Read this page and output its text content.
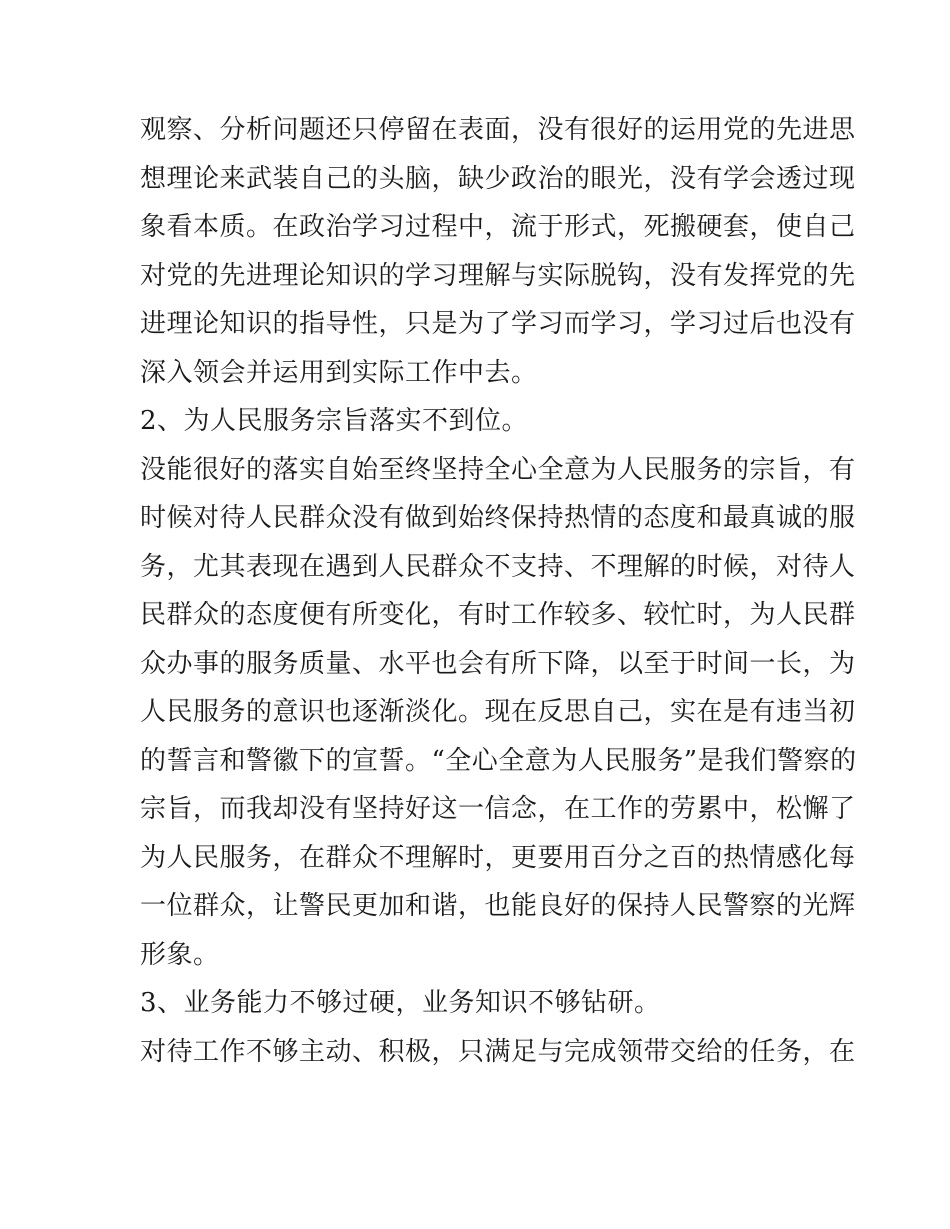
观察、分析问题还只停留在表面，没有很好的运用党的先进思
想理论来武装自己的头脑，缺少政治的眼光，没有学会透过现
象看本质。在政治学习过程中，流于形式，死搬硬套，使自己
对党的先进理论知识的学习理解与实际脱钩，没有发挥党的先
进理论知识的指导性，只是为了学习而学习，学习过后也没有
深入领会并运用到实际工作中去。
2、为人民服务宗旨落实不到位。
没能很好的落实自始至终坚持全心全意为人民服务的宗旨，有
时候对待人民群众没有做到始终保持热情的态度和最真诚的服
务，尤其表现在遇到人民群众不支持、不理解的时候，对待人
民群众的态度便有所变化，有时工作较多、较忙时，为人民群
众办事的服务质量、水平也会有所下降，以至于时间一长，为
人民服务的意识也逐渐淡化。现在反思自己，实在是有违当初
的誓言和警徽下的宣誓。“全心全意为人民服务”是我们警察的
宗旨，而我却没有坚持好这一信念，在工作的劳累中，松懈了
为人民服务，在群众不理解时，更要用百分之百的热情感化每
一位群众，让警民更加和谐，也能良好的保持人民警察的光辉
形象。
3、业务能力不够过硬，业务知识不够钻研。
对待工作不够主动、积极，只满足与完成领带交给的任务，在
